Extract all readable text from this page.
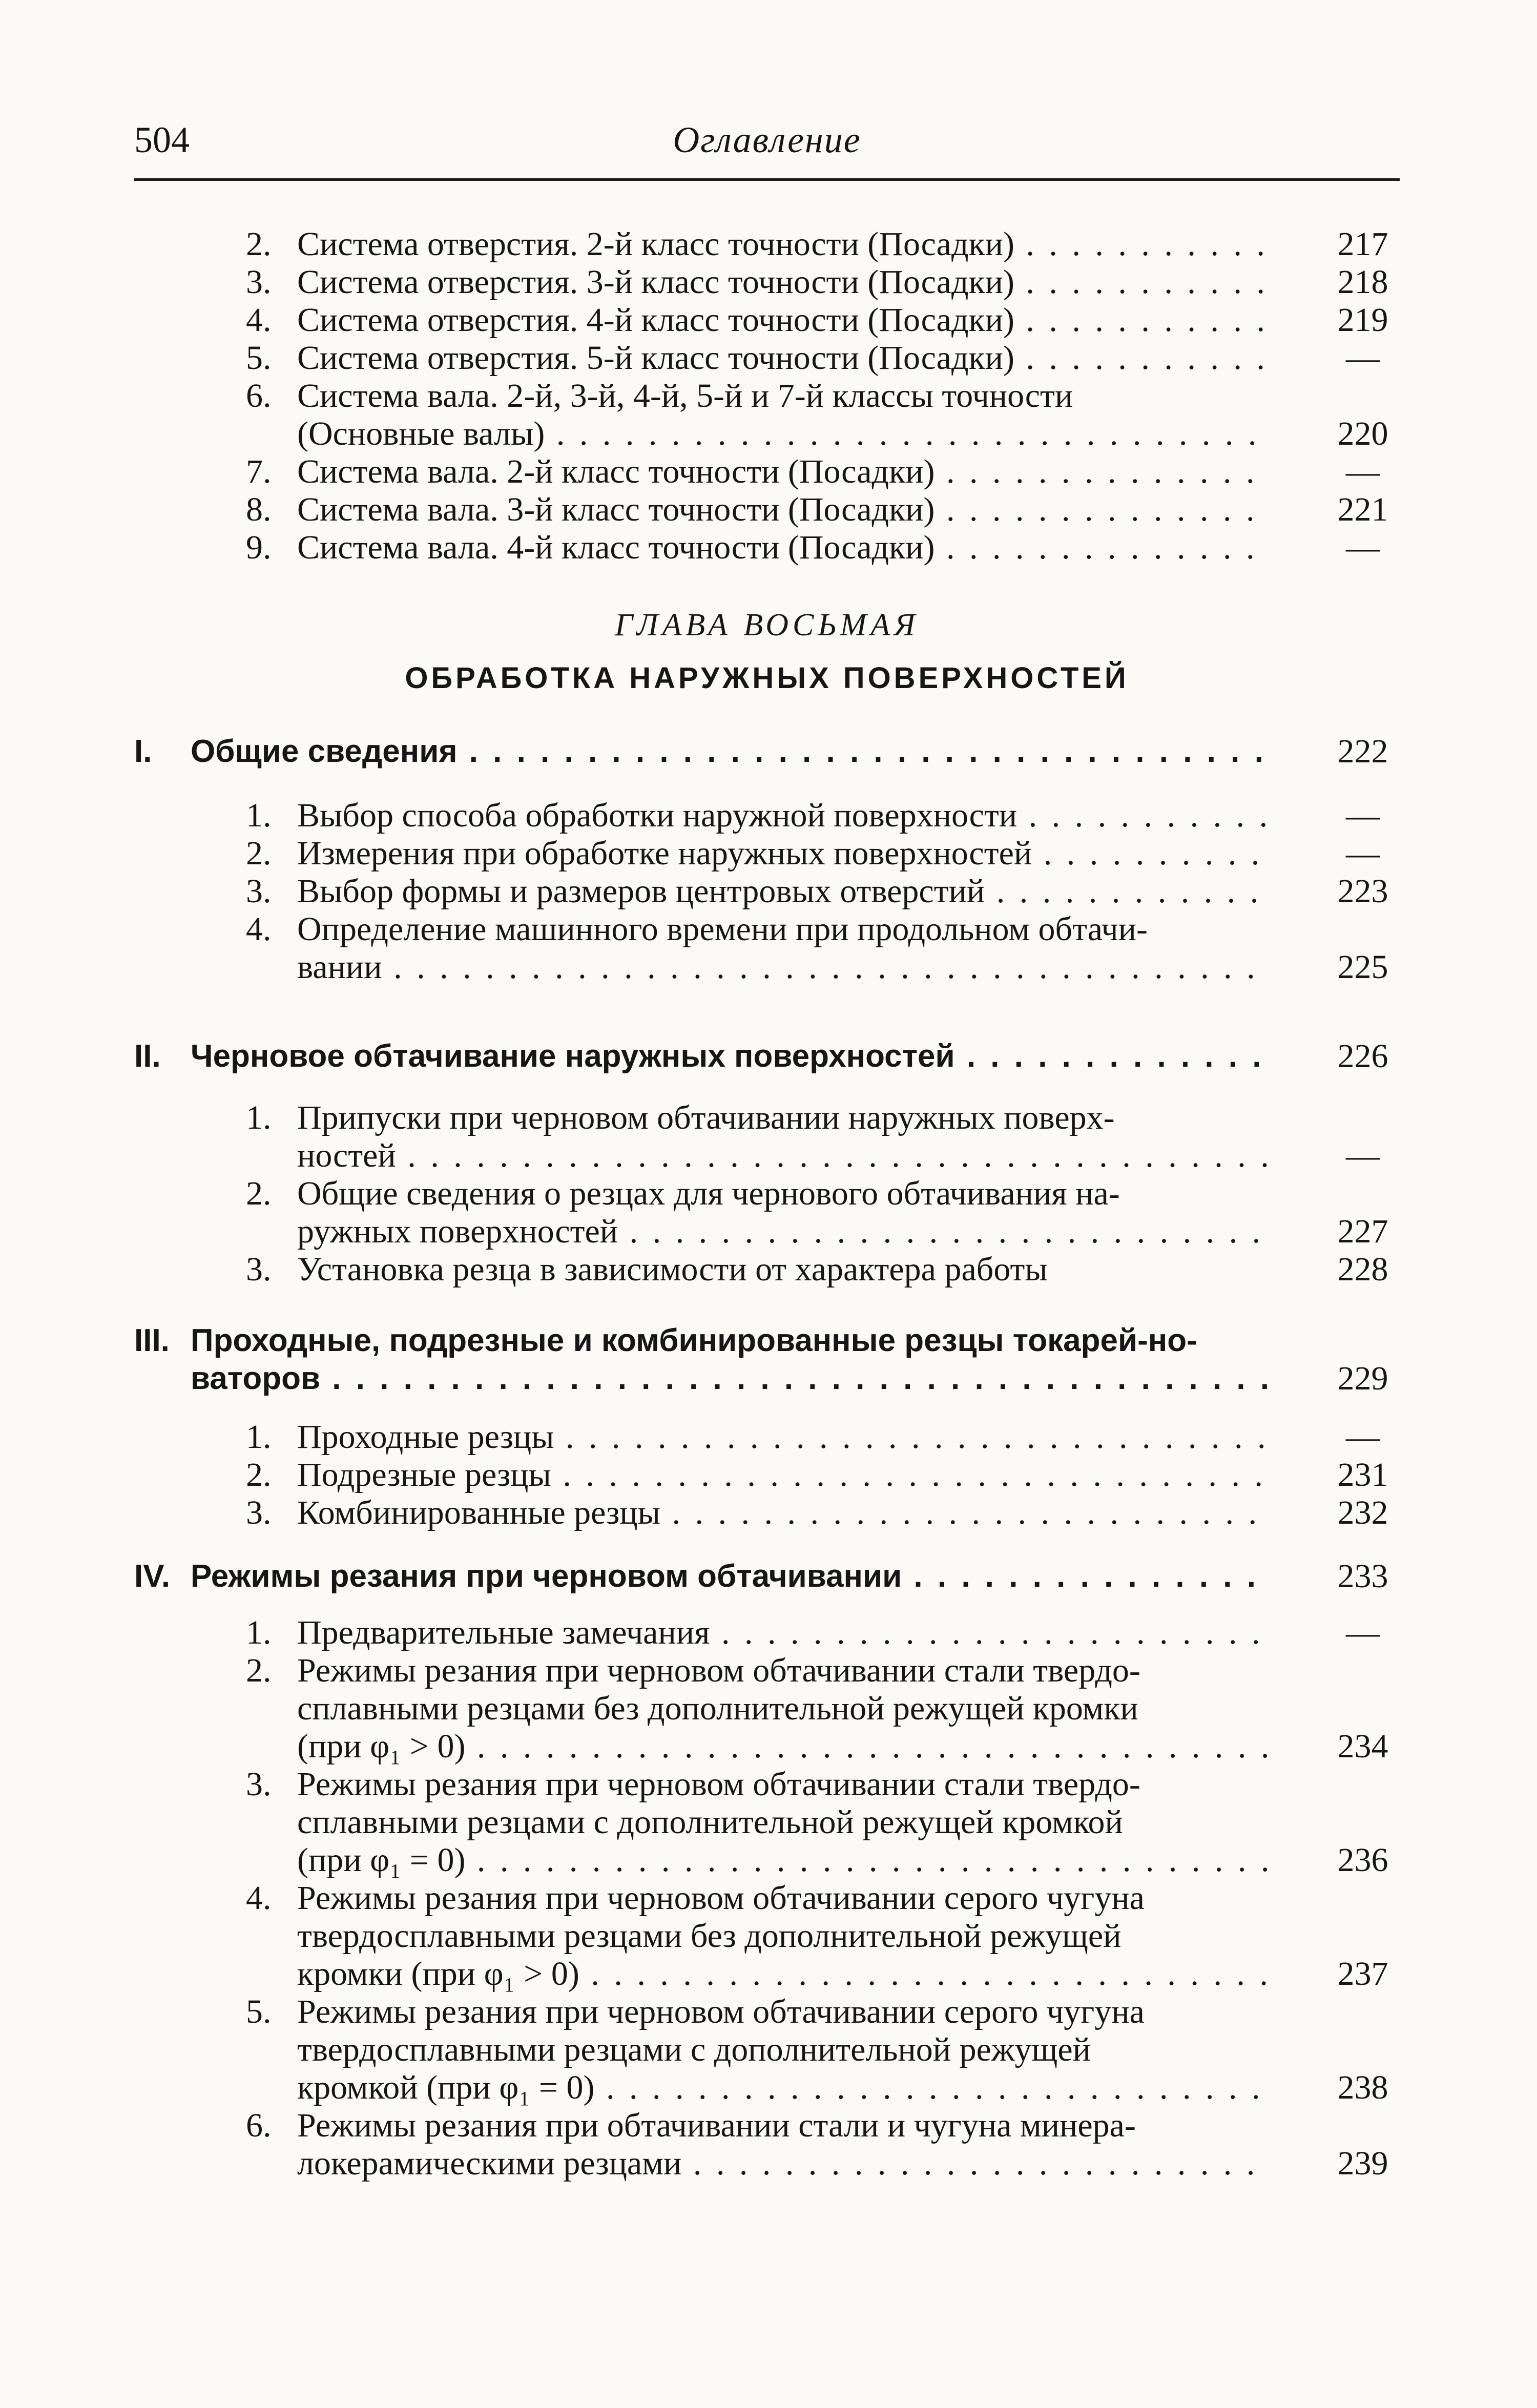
504	Оглавление
2. Система отверстия. 2-й класс точности (Посадки) . . .	217
3. Система отверстия. 3-й класс точности (Посадки) . . .	218
4. Система отверстия. 4-й класс точности (Посадки) . . .	219
5. Система отверстия. 5-й класс точности (Посадки) . . .	—
6. Система вала. 2-й, 3-й, 4-й, 5-й и 7-й классы точности
(Основные валы) . . .	220
7. Система вала. 2-й класс точности (Посадки) . . .	—
8. Система вала. 3-й класс точности (Посадки) . . .	221
9. Система вала. 4-й класс точности (Посадки) . . .	—
ГЛАВА ВОСЬМАЯ
ОБРАБОТКА НАРУЖНЫХ ПОВЕРХНОСТЕЙ
I.	Общие сведения . . .	222
1. Выбор способа обработки наружной поверхности . . .	—
2. Измерения при обработке наружных поверхностей . . .	—
3. Выбор формы и размеров центровых отверстий . . .	223
4. Определение машинного времени при продольном обтачи-
вании . . .	225
II. Черновое обтачивание наружных поверхностей . . .	226
1. Припуски при черновом обтачивании наружных поверх-
ностей . . .	—
2. Общие сведения о резцах для чернового обтачивания на-
ружных поверхностей . . .	227
3. Установка резца в зависимости от характера работы	228
III. Проходные, подрезные и комбинированные резцы токарей-но-
ваторов . . .	229
1. Проходные резцы . . .	—
2. Подрезные резцы . . .	231
3. Комбинированные резцы . . .	232
IV. Режимы резания при черновом обтачивании . . .	233
1. Предварительные замечания . . .	—
2. Режимы резания при черновом обтачивании стали твердо-
сплавными резцами без дополнительной режущей кромки
(при φ₁ > 0) . . .	234
3. Режимы резания при черновом обтачивании стали твердо-
сплавными резцами с дополнительной режущей кромкой
(при φ₁ = 0) . . .	236
4. Режимы резания при черновом обтачивании серого чугуна
твердосплавными резцами без дополнительной режущей
кромки (при φ₁ > 0) . . .	237
5. Режимы резания при черновом обтачивании серого чугуна
твердосплавными резцами с дополнительной режущей
кромкой (при φ₁ = 0) . . .	238
6. Режимы резания при обтачивании стали и чугуна минера-
локерамическими резцами . . .	239
